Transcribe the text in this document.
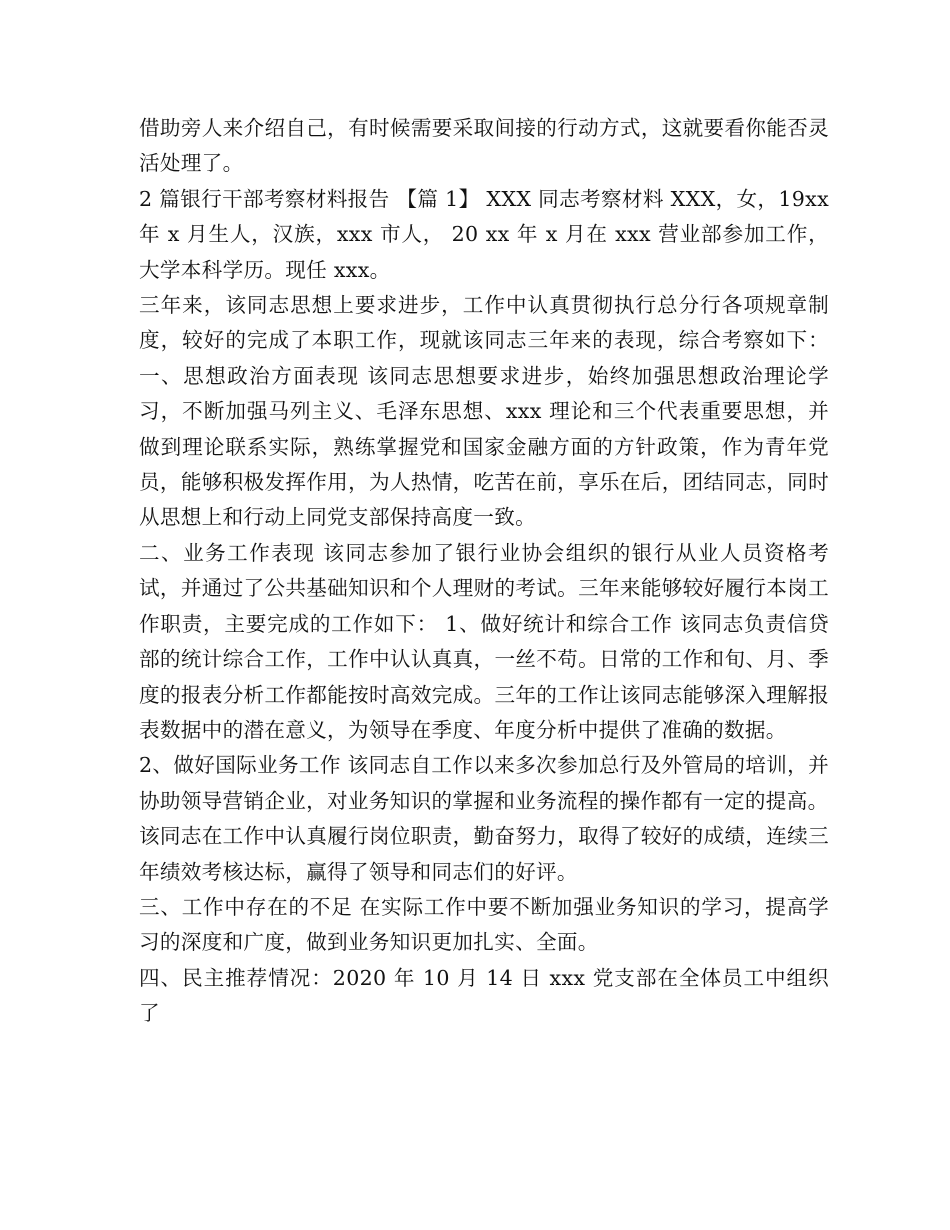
借助旁人来介绍自己，有时候需要采取间接的行动方式，这就要看你能否灵活处理了。

2 篇银行干部考察材料报告 【篇 1】 XXX 同志考察材料 XXX，女，19xx 年 x 月生人，汉族，xxx 市人， 20 xx 年 x 月在 xxx 营业部参加工作，大学本科学历。现任 xxx。

三年来，该同志思想上要求进步，工作中认真贯彻执行总分行各项规章制度，较好的完成了本职工作，现就该同志三年来的表现，综合考察如下： 一、思想政治方面表现 该同志思想要求进步，始终加强思想政治理论学习，不断加强马列主义、毛泽东思想、xxx 理论和三个代表重要思想，并做到理论联系实际，熟练掌握党和国家金融方面的方针政策，作为青年党员，能够积极发挥作用，为人热情，吃苦在前，享乐在后，团结同志，同时从思想上和行动上同党支部保持高度一致。

二、业务工作表现 该同志参加了银行业协会组织的银行从业人员资格考试，并通过了公共基础知识和个人理财的考试。三年来能够较好履行本岗工作职责，主要完成的工作如下： 1、做好统计和综合工作 该同志负责信贷部的统计综合工作，工作中认认真真，一丝不苟。日常的工作和旬、月、季度的报表分析工作都能按时高效完成。三年的工作让该同志能够深入理解报表数据中的潜在意义，为领导在季度、年度分析中提供了准确的数据。

2、做好国际业务工作 该同志自工作以来多次参加总行及外管局的培训，并协助领导营销企业，对业务知识的掌握和业务流程的操作都有一定的提高。

该同志在工作中认真履行岗位职责，勤奋努力，取得了较好的成绩，连续三年绩效考核达标，赢得了领导和同志们的好评。

三、工作中存在的不足 在实际工作中要不断加强业务知识的学习，提高学习的深度和广度，做到业务知识更加扎实、全面。

四、民主推荐情况：2020 年 10 月 14 日 xxx 党支部在全体员工中组织了
